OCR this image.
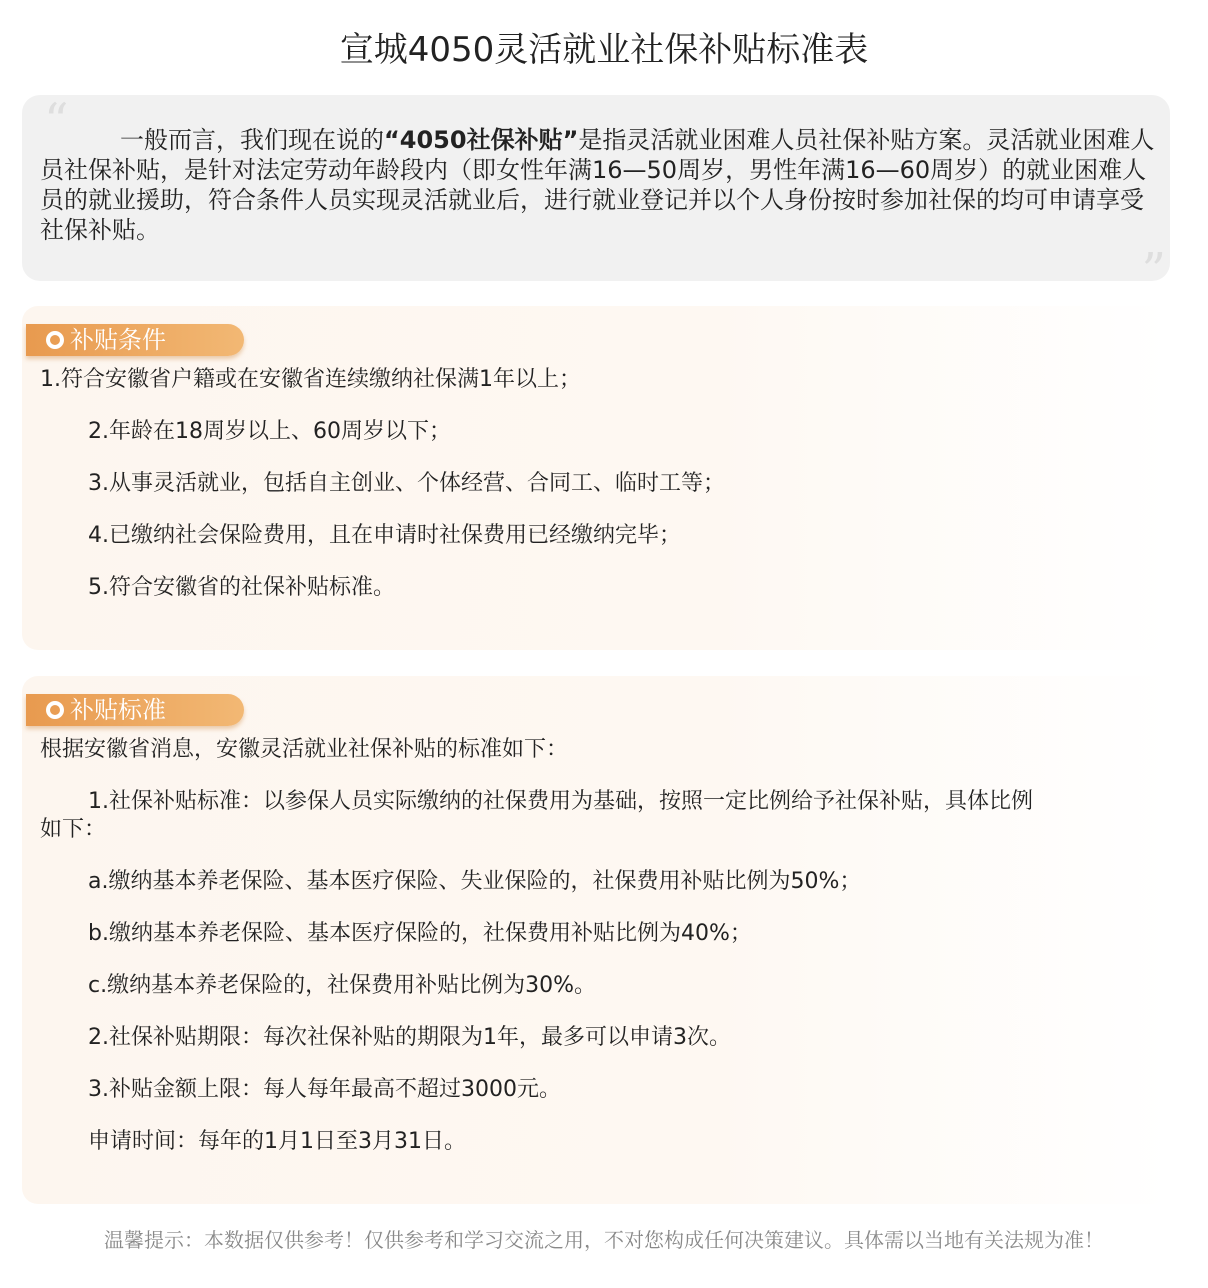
宣城4050灵活就业社保补贴标准表
“	一般而言，我们现在说的“4050社保补贴”是指灵活就业困难人员社保补贴方案。灵活就业困难人员社保补贴，是针对法定劳动年龄段内（即女性年满16—50周岁，男性年满16—60周岁）的就业困难人员的就业援助，符合条件人员实现灵活就业后，进行就业登记并以个人身份按时参加社保的均可申请享受社保补贴。
”
补贴条件
1.符合安徽省户籍或在安徽省连续缴纳社保满1年以上；
2.年龄在18周岁以上、60周岁以下；
3.从事灵活就业，包括自主创业、个体经营、合同工、临时工等；
4.已缴纳社会保险费用，且在申请时社保费用已经缴纳完毕；
5.符合安徽省的社保补贴标准。
补贴标准
根据安徽省消息，安徽灵活就业社保补贴的标准如下：
1.社保补贴标准：以参保人员实际缴纳的社保费用为基础，按照一定比例给予社保补贴，具体比例
如下：
a.缴纳基本养老保险、基本医疗保险、失业保险的，社保费用补贴比例为50%；
b.缴纳基本养老保险、基本医疗保险的，社保费用补贴比例为40%；
c.缴纳基本养老保险的，社保费用补贴比例为30%。
2.社保补贴期限：每次社保补贴的期限为1年，最多可以申请3次。
3.补贴金额上限：每人每年最高不超过3000元。
申请时间：每年的1月1日至3月31日。
温馨提示：本数据仅供参考！仅供参考和学习交流之用，不对您构成任何决策建议。具体需以当地有关法规为准！
